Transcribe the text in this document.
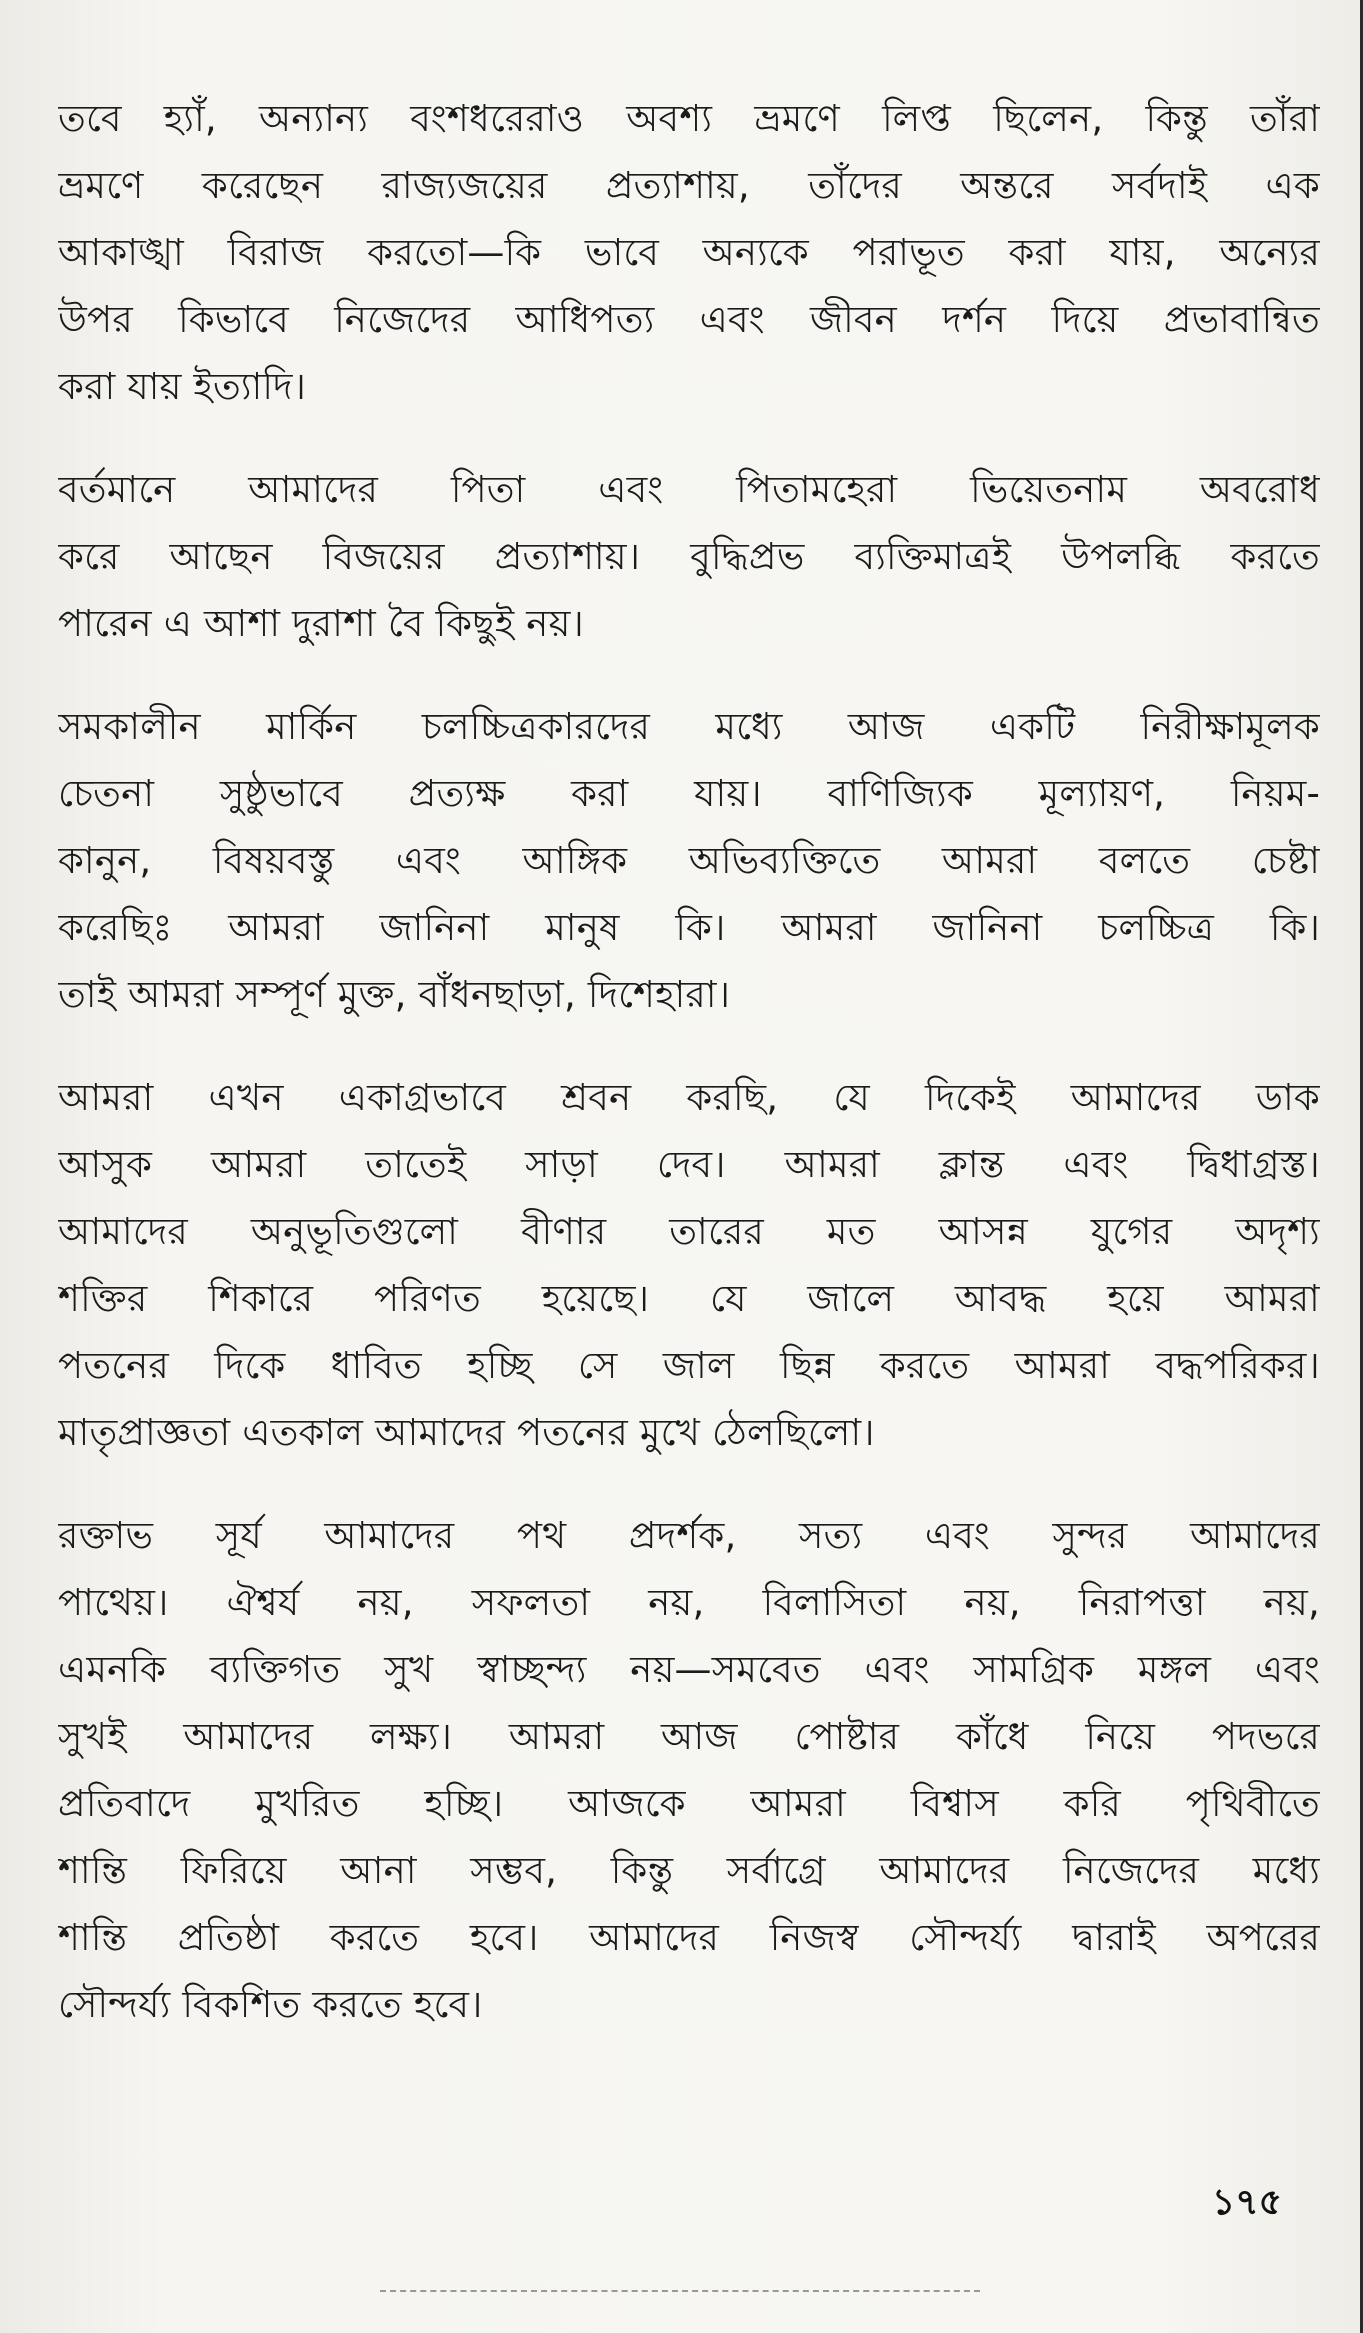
তবে হ্যাঁ, অন্যান্য বংশধরেরাও অবশ্য ভ্রমণে লিপ্ত ছিলেন, কিন্তু তাঁরা
ভ্রমণে করেছেন রাজ্যজয়ের প্রত্যাশায়, তাঁদের অন্তরে সর্বদাই এক
আকাঙ্খা বিরাজ করতো—কি ভাবে অন্যকে পরাভূত করা যায়, অন্যের
উপর কিভাবে নিজেদের আধিপত্য এবং জীবন দর্শন দিয়ে প্রভাবান্বিত
করা যায় ইত্যাদি।
বর্তমানে আমাদের পিতা এবং পিতামহেরা ভিয়েতনাম অবরোধ
করে আছেন বিজয়ের প্রত্যাশায়। বুদ্ধিপ্রভ ব্যক্তিমাত্রই উপলব্ধি করতে
পারেন এ আশা দুরাশা বৈ কিছুই নয়।
সমকালীন মার্কিন চলচ্চিত্রকারদের মধ্যে আজ একটি নিরীক্ষামূলক
চেতনা সুষ্ঠুভাবে প্রত্যক্ষ করা যায়। বাণিজ্যিক মূল্যায়ণ, নিয়ম-
কানুন, বিষয়বস্তু এবং আঙ্গিক অভিব্যক্তিতে আমরা বলতে চেষ্টা
করেছিঃ আমরা জানিনা মানুষ কি। আমরা জানিনা চলচ্চিত্র কি।
তাই আমরা সম্পূর্ণ মুক্ত, বাঁধনছাড়া, দিশেহারা।
আমরা এখন একাগ্রভাবে শ্রবন করছি, যে দিকেই আমাদের ডাক
আসুক আমরা তাতেই সাড়া দেব। আমরা ক্লান্ত এবং দ্বিধাগ্রস্ত।
আমাদের অনুভূতিগুলো বীণার তারের মত আসন্ন যুগের অদৃশ্য
শক্তির শিকারে পরিণত হয়েছে। যে জালে আবদ্ধ হয়ে আমরা
পতনের দিকে ধাবিত হচ্ছি সে জাল ছিন্ন করতে আমরা বদ্ধপরিকর।
মাতৃপ্রাজ্ঞতা এতকাল আমাদের পতনের মুখে ঠেলছিলো।
রক্তাভ সূর্য আমাদের পথ প্রদর্শক, সত্য এবং সুন্দর আমাদের
পাথেয়। ঐশ্বর্য নয়, সফলতা নয়, বিলাসিতা নয়, নিরাপত্তা নয়,
এমনকি ব্যক্তিগত সুখ স্বাচ্ছন্দ্য নয়—সমবেত এবং সামগ্রিক মঙ্গল এবং
সুখই আমাদের লক্ষ্য। আমরা আজ পোষ্টার কাঁধে নিয়ে পদভরে
প্রতিবাদে মুখরিত হচ্ছি। আজকে আমরা বিশ্বাস করি পৃথিবীতে
শান্তি ফিরিয়ে আনা সম্ভব, কিন্তু সর্বাগ্রে আমাদের নিজেদের মধ্যে
শান্তি প্রতিষ্ঠা করতে হবে। আমাদের নিজস্ব সৌন্দর্য্য দ্বারাই অপরের
সৌন্দর্য্য বিকশিত করতে হবে।
১৭৫
